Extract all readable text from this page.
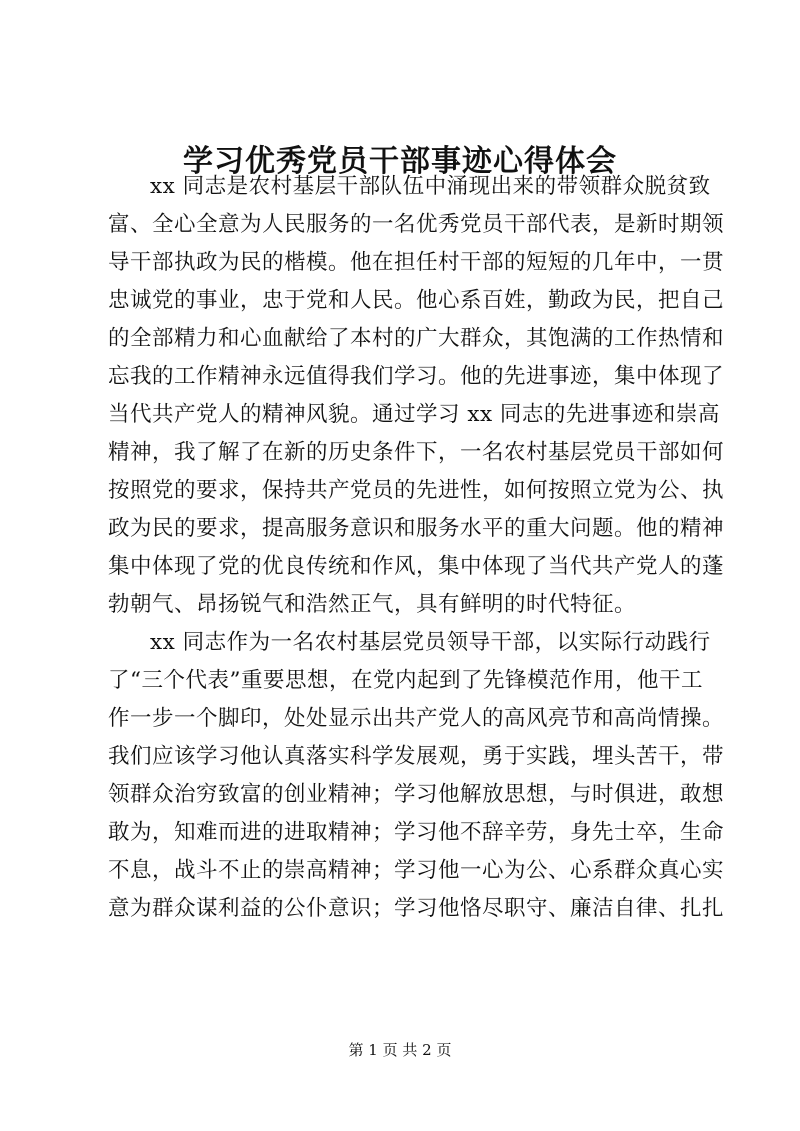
学习优秀党员干部事迹心得体会
xx 同志是农村基层干部队伍中涌现出来的带领群众脱贫致
富、全心全意为人民服务的一名优秀党员干部代表，是新时期领
导干部执政为民的楷模。他在担任村干部的短短的几年中，一贯
忠诚党的事业，忠于党和人民。他心系百姓，勤政为民，把自己
的全部精力和心血献给了本村的广大群众，其饱满的工作热情和
忘我的工作精神永远值得我们学习。他的先进事迹，集中体现了
当代共产党人的精神风貌。通过学习 xx 同志的先进事迹和崇高
精神，我了解了在新的历史条件下，一名农村基层党员干部如何
按照党的要求，保持共产党员的先进性，如何按照立党为公、执
政为民的要求，提高服务意识和服务水平的重大问题。他的精神
集中体现了党的优良传统和作风，集中体现了当代共产党人的蓬
勃朝气、昂扬锐气和浩然正气，具有鲜明的时代特征。
xx 同志作为一名农村基层党员领导干部，以实际行动践行
了“三个代表”重要思想，在党内起到了先锋模范作用，他干工
作一步一个脚印，处处显示出共产党人的高风亮节和高尚情操。
我们应该学习他认真落实科学发展观，勇于实践，埋头苦干，带
领群众治穷致富的创业精神；学习他解放思想，与时俱进，敢想
敢为，知难而进的进取精神；学习他不辞辛劳，身先士卒，生命
不息，战斗不止的崇高精神；学习他一心为公、心系群众真心实
意为群众谋利益的公仆意识；学习他恪尽职守、廉洁自律、扎扎
第 1 页 共 2 页
